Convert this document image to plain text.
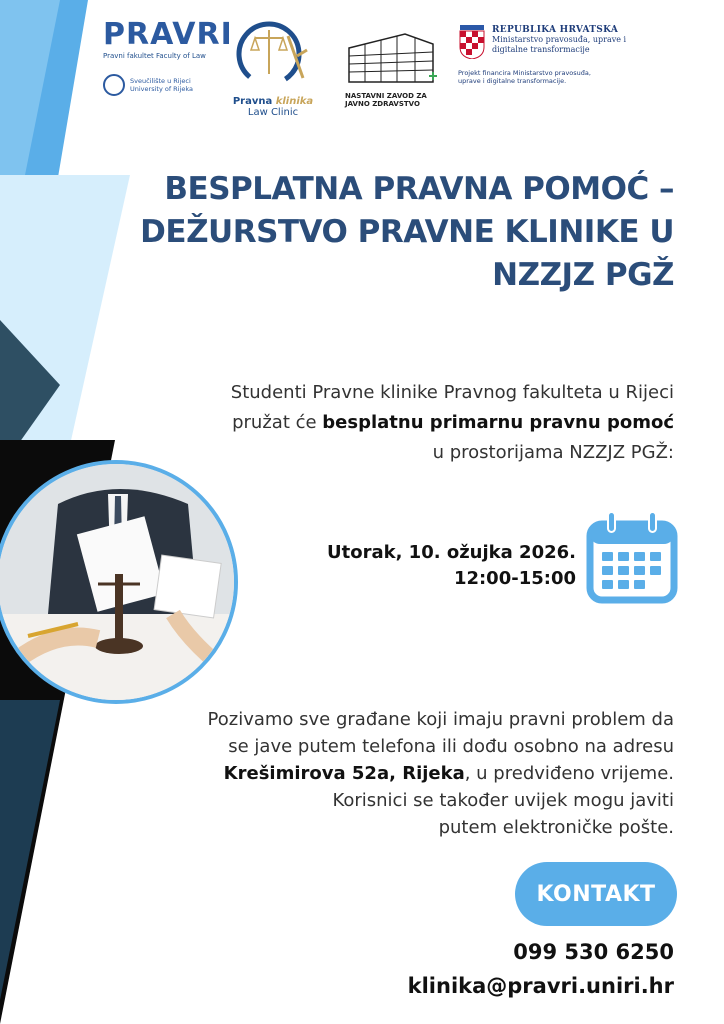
PRAVRI
Pravni fakultet Faculty of Law
Sveučilište u Rijeci
University of Rijeka
Pravna klinika
Law Clinic
NASTAVNI ZAVOD ZA
JAVNO ZDRAVSTVO
REPUBLIKA HRVATSKA
Ministarstvo pravosuđa, uprave i
digitalne transformacije
Projekt financira Ministarstvo pravosuđa,
uprave i digitalne transformacije.
BESPLATNA PRAVNA POMOĆ –
DEŽURSTVO PRAVNE KLINIKE U
NZZJZ PGŽ
Studenti Pravne klinike Pravnog fakulteta u Rijeci
pružat će besplatnu primarnu pravnu pomoć
u prostorijama NZZJZ PGŽ:
Utorak, 10. ožujka 2026.
12:00-15:00
Pozivamo sve građane koji imaju pravni problem da
se jave putem telefona ili dođu osobno na adresu
Krešimirova 52a, Rijeka, u predviđeno vrijeme.
Korisnici se također uvijek mogu javiti
putem elektroničke pošte.
KONTAKT
099 530 6250
klinika@pravri.uniri.hr
